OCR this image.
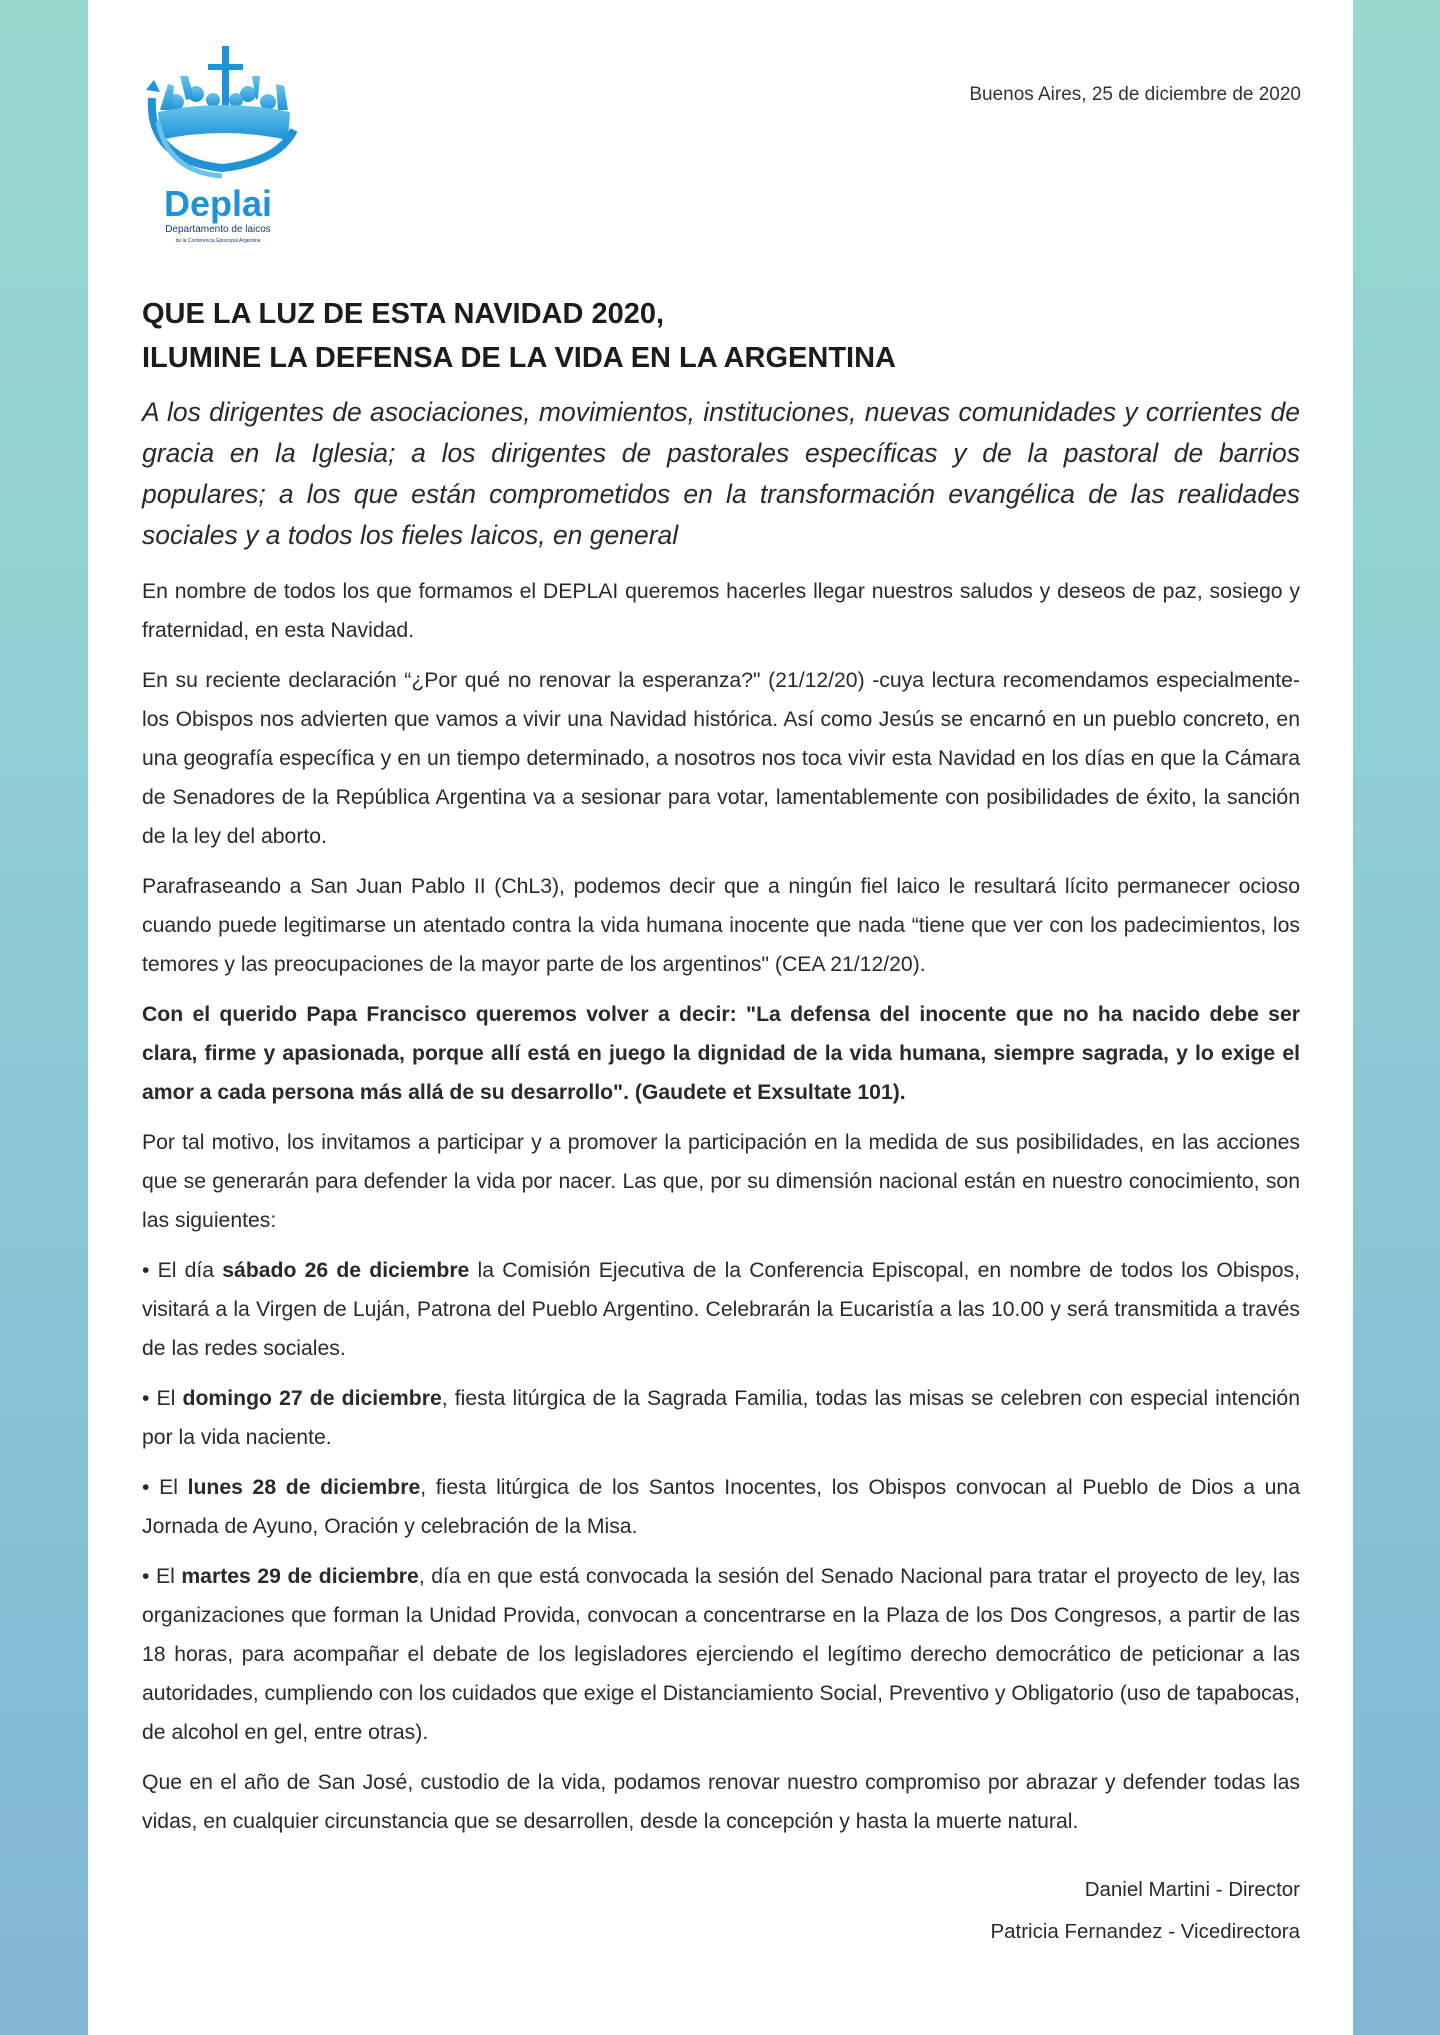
Deplai
Departamento de laicos
de la Conferencia Episcopal Argentina
Buenos Aires, 25 de diciembre de 2020
QUE LA LUZ DE ESTA NAVIDAD 2020,
ILUMINE LA DEFENSA DE LA VIDA EN LA ARGENTINA

A los dirigentes de asociaciones, movimientos, instituciones, nuevas comunidades y corrientes de gracia en la Iglesia; a los dirigentes de pastorales específicas y de la pastoral de barrios populares; a los que están comprometidos en la transformación evangélica de las realidades sociales y a todos los fieles laicos, en general

En nombre de todos los que formamos el DEPLAI queremos hacerles llegar nuestros saludos y deseos de paz, sosiego y fraternidad, en esta Navidad.

En su reciente declaración “¿Por qué no renovar la esperanza?" (21/12/20) -cuya lectura recomendamos especialmente- los Obispos nos advierten que vamos a vivir una Navidad histórica. Así como Jesús se encarnó en un pueblo concreto, en una geografía específica y en un tiempo determinado, a nosotros nos toca vivir esta Navidad en los días en que la Cámara de Senadores de la República Argentina va a sesionar para votar, lamentablemente con posibilidades de éxito, la sanción de la ley del aborto.

Parafraseando a San Juan Pablo II (ChL3), podemos decir que a ningún fiel laico le resultará lícito permanecer ocioso cuando puede legitimarse un atentado contra la vida humana inocente que nada “tiene que ver con los padecimientos, los temores y las preocupaciones de la mayor parte de los argentinos" (CEA 21/12/20).

Con el querido Papa Francisco queremos volver a decir: "La defensa del inocente que no ha nacido debe ser clara, firme y apasionada, porque allí está en juego la dignidad de la vida humana, siempre sagrada, y lo exige el amor a cada persona más allá de su desarrollo". (Gaudete et Exsultate 101).

Por tal motivo, los invitamos a participar y a promover la participación en la medida de sus posibilidades, en las acciones que se generarán para defender la vida por nacer. Las que, por su dimensión nacional están en nuestro conocimiento, son las siguientes:

• El día sábado 26 de diciembre la Comisión Ejecutiva de la Conferencia Episcopal, en nombre de todos los Obispos, visitará a la Virgen de Luján, Patrona del Pueblo Argentino. Celebrarán la Eucaristía a las 10.00 y será transmitida a través de las redes sociales.

• El domingo 27 de diciembre, fiesta litúrgica de la Sagrada Familia, todas las misas se celebren con especial intención por la vida naciente.

• El lunes 28 de diciembre, fiesta litúrgica de los Santos Inocentes, los Obispos convocan al Pueblo de Dios a una Jornada de Ayuno, Oración y celebración de la Misa.

• El martes 29 de diciembre, día en que está convocada la sesión del Senado Nacional para tratar el proyecto de ley, las organizaciones que forman la Unidad Provida, convocan a concentrarse en la Plaza de los Dos Congresos, a partir de las 18 horas, para acompañar el debate de los legisladores ejerciendo el legítimo derecho democrático de peticionar a las autoridades, cumpliendo con los cuidados que exige el Distanciamiento Social, Preventivo y Obligatorio (uso de tapabocas, de alcohol en gel, entre otras).

Que en el año de San José, custodio de la vida, podamos renovar nuestro compromiso por abrazar y defender todas las vidas, en cualquier circunstancia que se desarrollen, desde la concepción y hasta la muerte natural.

Daniel Martini - Director
Patricia Fernandez - Vicedirectora
